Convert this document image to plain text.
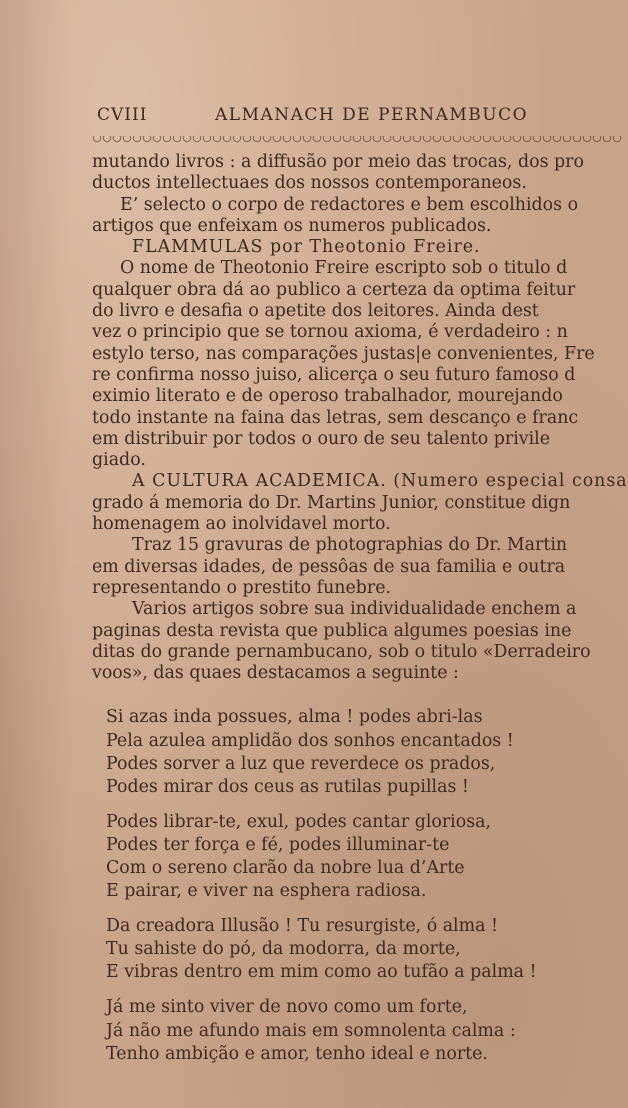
CVIII	ALMANACH DE PERNAMBUCO
mutando livros : a diffusão por meio das trocas, dos pro
ductos intellectuaes dos nossos contemporaneos.
E’ selecto o corpo de redactores e bem escolhidos o
artigos que enfeixam os numeros publicados.
FLAMMULAS por Theotonio Freire.
O nome de Theotonio Freire escripto sob o titulo d
qualquer obra dá ao publico a certeza da optima feitur
do livro e desafia o apetite dos leitores. Ainda dest
vez o principio que se tornou axioma, é verdadeiro : n
estylo terso, nas comparações justas|e convenientes, Fre
re confirma nosso juiso, alicerça o seu futuro famoso d
eximio literato e de operoso trabalhador, mourejando
todo instante na faina das letras, sem descanço e franc
em distribuir por todos o ouro de seu talento privile
giado.
A CULTURA ACADEMICA. (Numero especial consa
grado á memoria do Dr. Martins Junior, constitue dign
homenagem ao inolvidavel morto.
Traz 15 gravuras de photographias do Dr. Martin
em diversas idades, de pessôas de sua familia e outra
representando o prestito funebre.
Varios artigos sobre sua individualidade enchem a
paginas desta revista que publica algumes poesias ine
ditas do grande pernambucano, sob o titulo «Derradeiro
voos», das quaes destacamos a seguinte :
Si azas inda possues, alma ! podes abri-las
Pela azulea amplidão dos sonhos encantados !
Podes sorver a luz que reverdece os prados,
Podes mirar dos ceus as rutilas pupillas !
Podes librar-te, exul, podes cantar gloriosa,
Podes ter força e fé, podes illuminar-te
Com o sereno clarão da nobre lua d’Arte
E pairar, e viver na esphera radiosa.
Da creadora Illusão ! Tu resurgiste, ó alma !
Tu sahiste do pó, da modorra, da morte,
E vibras dentro em mim como ao tufão a palma !
Já me sinto viver de novo como um forte,
Já não me afundo mais em somnolenta calma :
Tenho ambição e amor, tenho ideal e norte.
